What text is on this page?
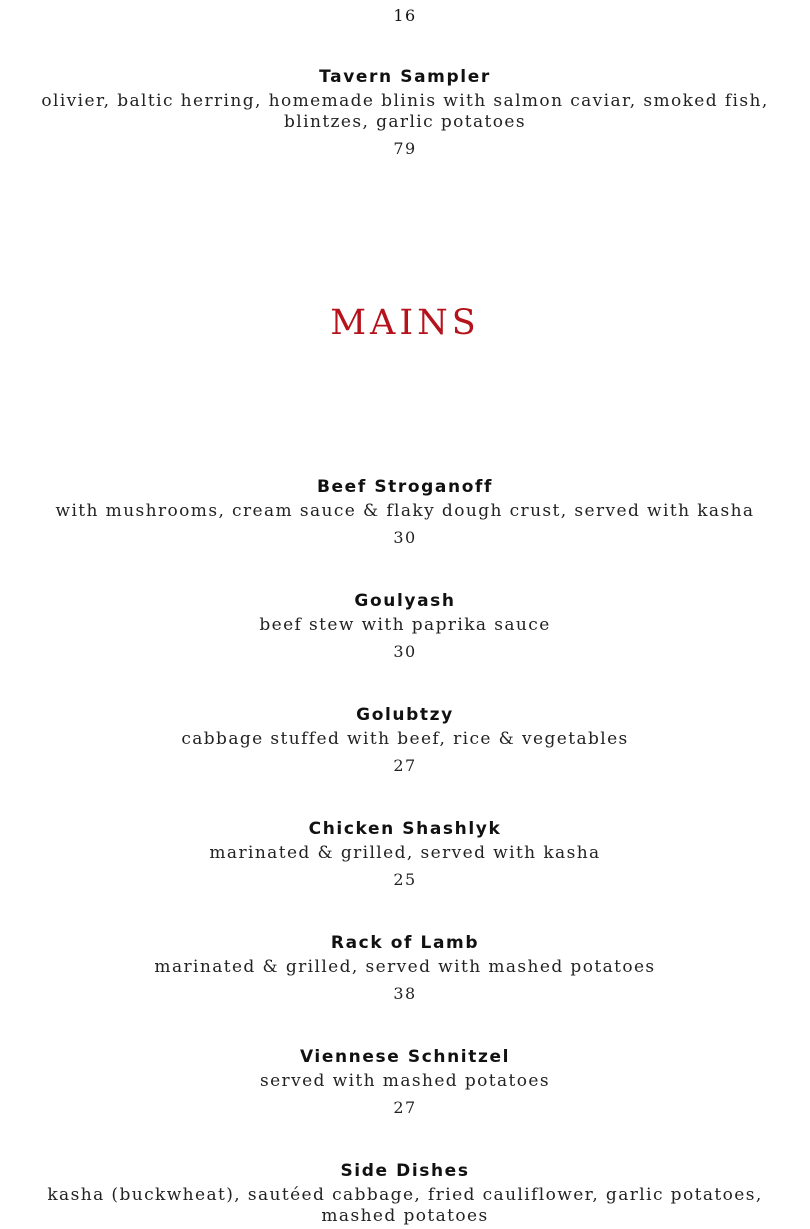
16
Tavern Sampler
olivier, baltic herring, homemade blinis with salmon caviar, smoked fish, blintzes, garlic potatoes
79
MAINS
Beef Stroganoff
with mushrooms, cream sauce & flaky dough crust, served with kasha
30
Goulyash
beef stew with paprika sauce
30
Golubtzy
cabbage stuffed with beef, rice & vegetables
27
Chicken Shashlyk
marinated & grilled, served with kasha
25
Rack of Lamb
marinated & grilled, served with mashed potatoes
38
Viennese Schnitzel
served with mashed potatoes
27
Side Dishes
kasha (buckwheat), sautéed cabbage, fried cauliflower, garlic potatoes, mashed potatoes
